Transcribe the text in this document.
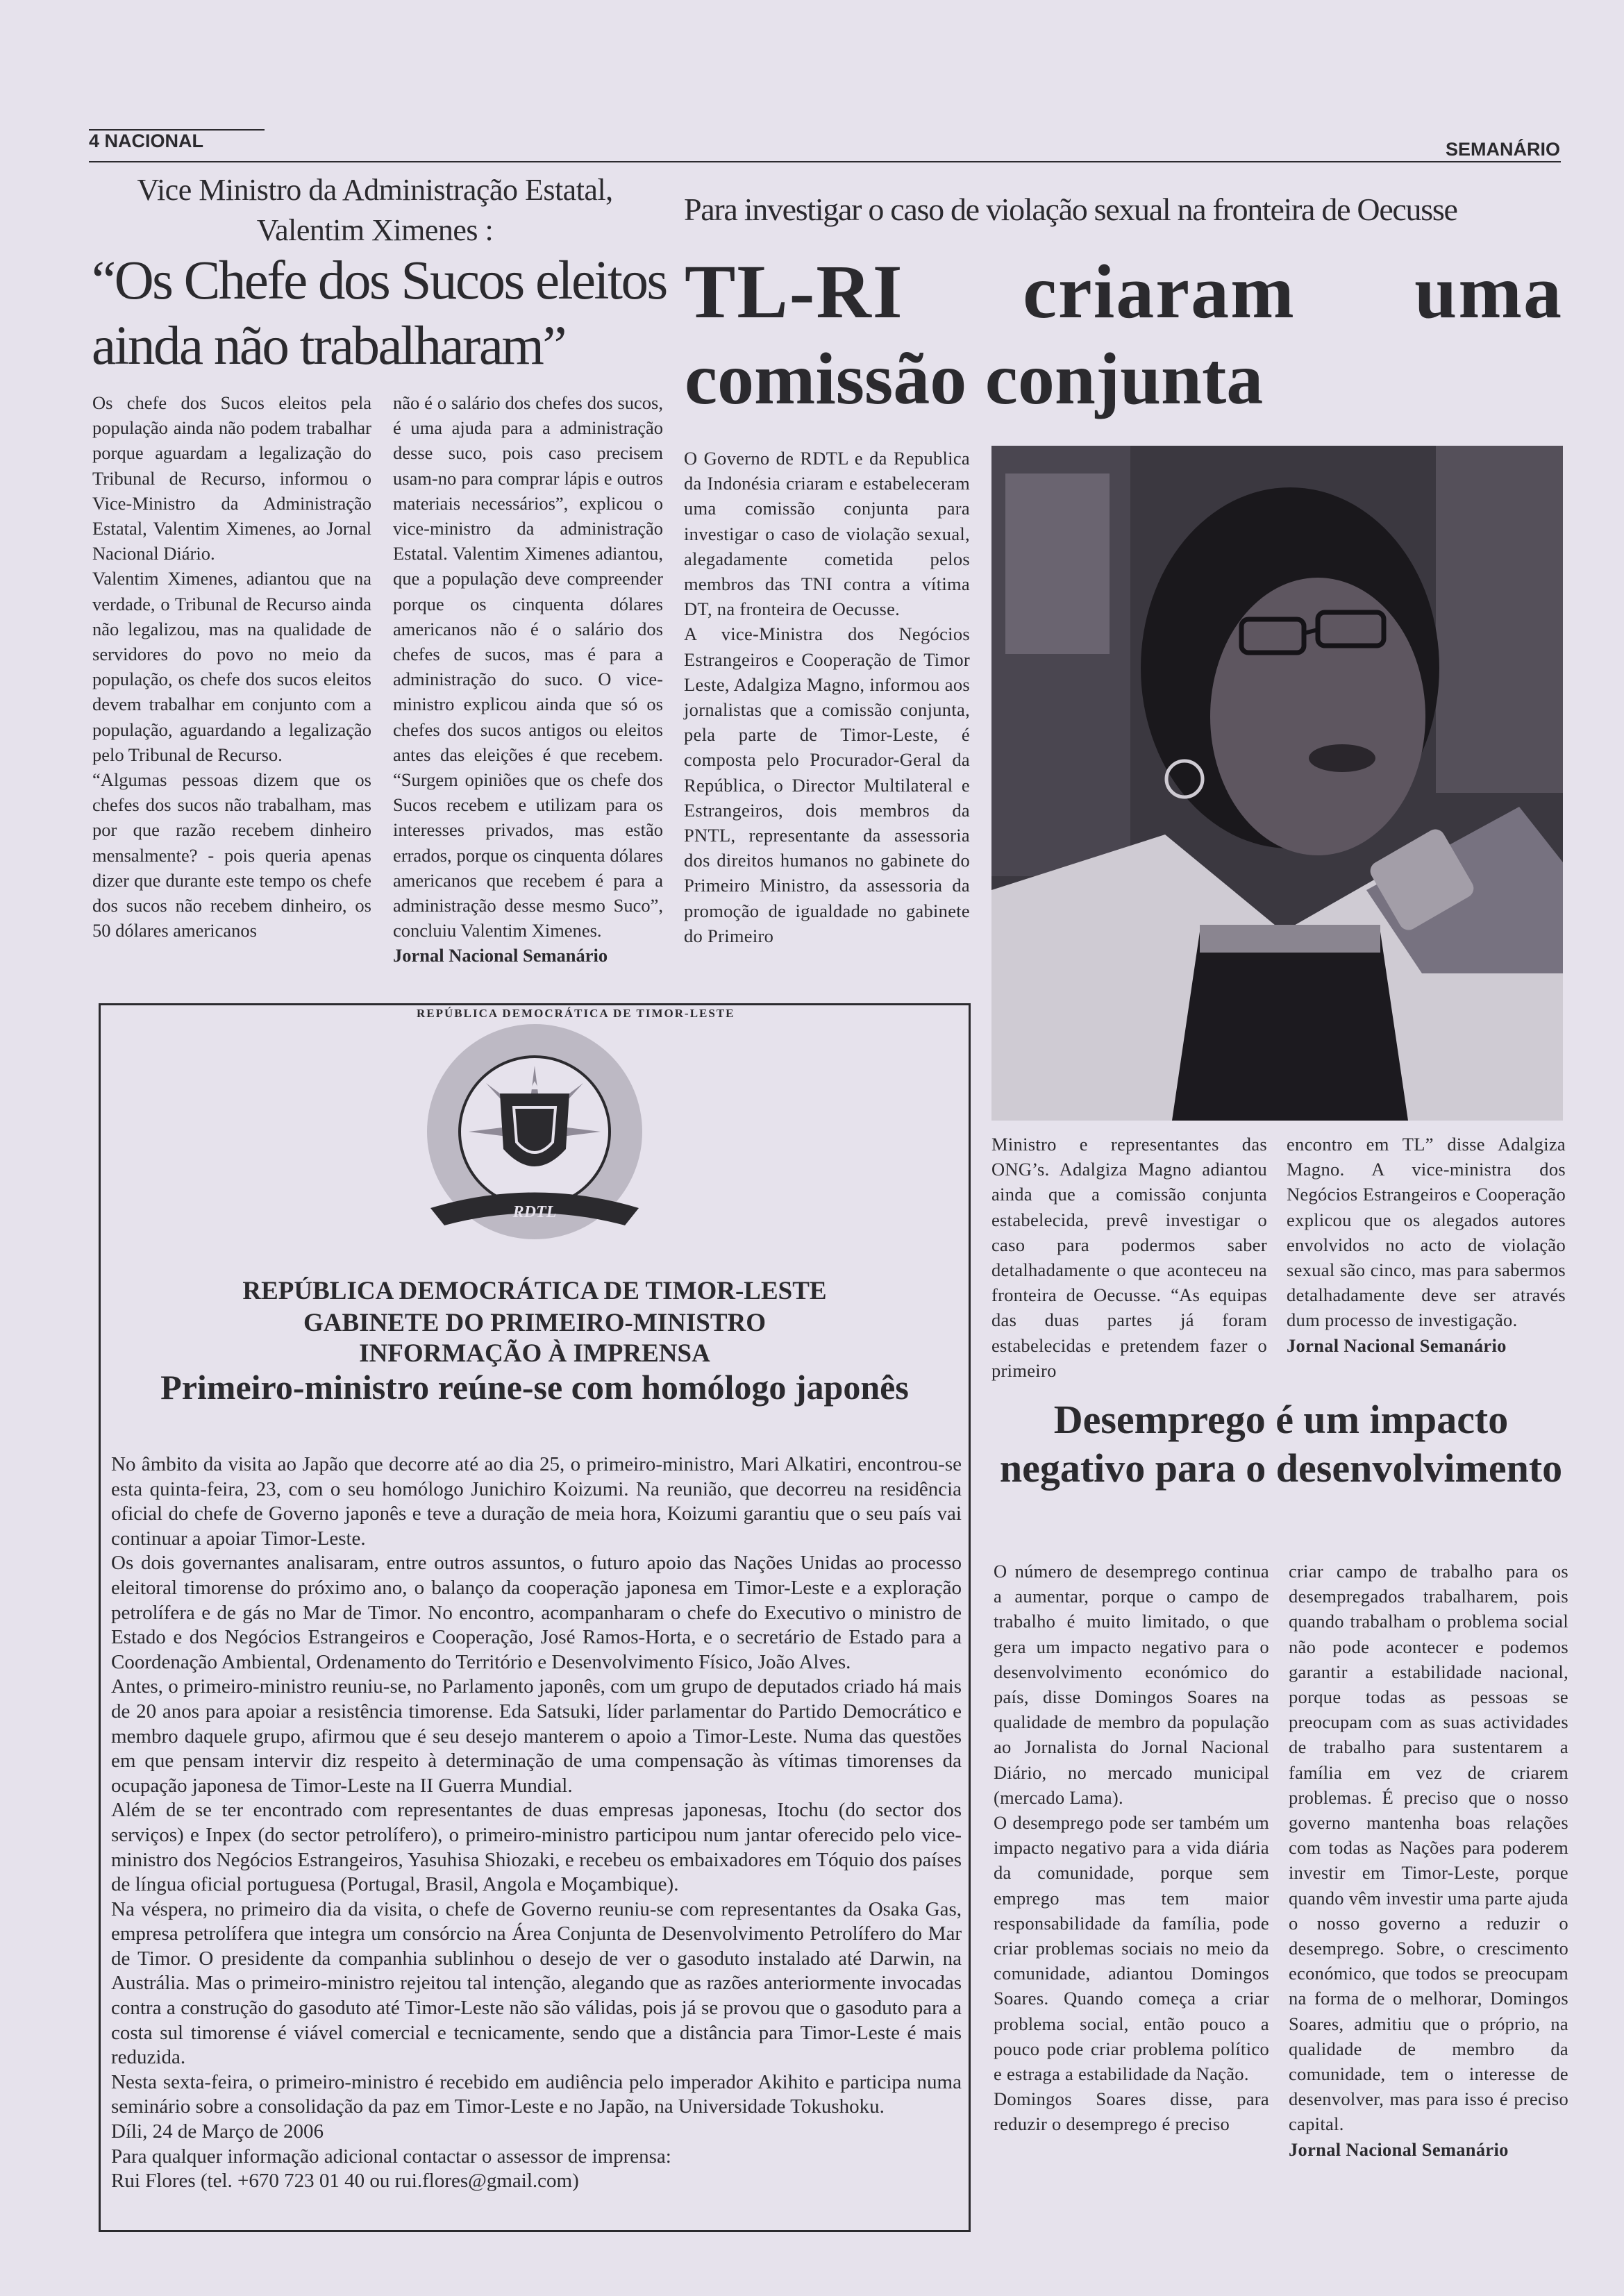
4 NACIONAL	SEMANÁRIO
Vice Ministro da Administração Estatal, Valentim Ximenes :
“Os Chefe dos Sucos eleitos ainda não trabalharam”

Os chefe dos Sucos eleitos pela população ainda não podem trabalhar porque aguardam a legalização do Tribunal de Recurso, informou o Vice-Ministro da Administração Estatal, Valentim Ximenes, ao Jornal Nacional Diário.

Valentim Ximenes, adiantou que na verdade, o Tribunal de Recurso ainda não legalizou, mas na qualidade de servidores do povo no meio da população, os chefe dos sucos eleitos devem trabalhar em conjunto com a população, aguardando a legalização pelo Tribunal de Recurso.

“Algumas pessoas dizem que os chefes dos sucos não trabalham, mas por que razão recebem dinheiro mensalmente? - pois queria apenas dizer que durante este tempo os chefe dos sucos não recebem dinheiro, os 50 dólares americanos

não é o salário dos chefes dos sucos, é uma ajuda para a administração desse suco, pois caso precisem usam-no para comprar lápis e outros materiais necessários”, explicou o vice-ministro da administração Estatal. Valentim Ximenes adiantou, que a população deve compreender porque os cinquenta dólares americanos não é o salário dos chefes de sucos, mas é para a administração do suco. O vice-ministro explicou ainda que só os chefes dos sucos antigos ou eleitos antes das eleições é que recebem. “Surgem opiniões que os chefe dos Sucos recebem e utilizam para os interesses privados, mas estão errados, porque os cinquenta dólares americanos que recebem é para a administração desse mesmo Suco”, concluiu Valentim Ximenes.

Jornal Nacional Semanário

Para investigar o caso de violação sexual na fronteira de Oecusse
TL-RI criaram uma
comissão conjunta

O Governo de RDTL e da Republica da Indonésia criaram e estabeleceram uma comissão conjunta para investigar o caso de violação sexual, alegadamente cometida pelos membros das TNI contra a vítima DT, na fronteira de Oecusse.

A vice-Ministra dos Negócios Estrangeiros e Cooperação de Timor Leste, Adalgiza Magno, informou aos jornalistas que a comissão conjunta, pela parte de Timor-Leste, é composta pelo Procurador-Geral da República, o Director Multilateral e Estrangeiros, dois membros da PNTL, representante da assessoria dos direitos humanos no gabinete do Primeiro Ministro, da assessoria da promoção de igualdade no gabinete do Primeiro

Ministro e representantes das ONG’s. Adalgiza Magno adiantou ainda que a comissão conjunta estabelecida, prevê investigar o caso para podermos saber detalhadamente o que aconteceu na fronteira de Oecusse. “As equipas das duas partes já foram estabelecidas e pretendem fazer o primeiro

encontro em TL” disse Adalgiza Magno. A vice-ministra dos Negócios Estrangeiros e Cooperação explicou que os alegados autores envolvidos no acto de violação sexual são cinco, mas para sabermos detalhadamente deve ser através dum processo de investigação.

Jornal Nacional Semanário

REPÚBLICA DEMOCRÁTICA DE TIMOR-LESTE
RDTL
REPÚBLICA DEMOCRÁTICA DE TIMOR-LESTE
GABINETE DO PRIMEIRO-MINISTRO
INFORMAÇÃO À IMPRENSA
Primeiro-ministro reúne-se com homólogo japonês

No âmbito da visita ao Japão que decorre até ao dia 25, o primeiro-ministro, Mari Alkatiri, encontrou-se esta quinta-feira, 23, com o seu homólogo Junichiro Koizumi. Na reunião, que decorreu na residência oficial do chefe de Governo japonês e teve a duração de meia hora, Koizumi garantiu que o seu país vai continuar a apoiar Timor-Leste.

Os dois governantes analisaram, entre outros assuntos, o futuro apoio das Nações Unidas ao processo eleitoral timorense do próximo ano, o balanço da cooperação japonesa em Timor-Leste e a exploração petrolífera e de gás no Mar de Timor. No encontro, acompanharam o chefe do Executivo o ministro de Estado e dos Negócios Estrangeiros e Cooperação, José Ramos-Horta, e o secretário de Estado para a Coordenação Ambiental, Ordenamento do Território e Desenvolvimento Físico, João Alves.

Antes, o primeiro-ministro reuniu-se, no Parlamento japonês, com um grupo de deputados criado há mais de 20 anos para apoiar a resistência timorense. Eda Satsuki, líder parlamentar do Partido Democrático e membro daquele grupo, afirmou que é seu desejo manterem o apoio a Timor-Leste. Numa das questões em que pensam intervir diz respeito à determinação de uma compensação às vítimas timorenses da ocupação japonesa de Timor-Leste na II Guerra Mundial.

Além de se ter encontrado com representantes de duas empresas japonesas, Itochu (do sector dos serviços) e Inpex (do sector petrolífero), o primeiro-ministro participou num jantar oferecido pelo vice-ministro dos Negócios Estrangeiros, Yasuhisa Shiozaki, e recebeu os embaixadores em Tóquio dos países de língua oficial portuguesa (Portugal, Brasil, Angola e Moçambique).

Na véspera, no primeiro dia da visita, o chefe de Governo reuniu-se com representantes da Osaka Gas, empresa petrolífera que integra um consórcio na Área Conjunta de Desenvolvimento Petrolífero do Mar de Timor. O presidente da companhia sublinhou o desejo de ver o gasoduto instalado até Darwin, na Austrália. Mas o primeiro-ministro rejeitou tal intenção, alegando que as razões anteriormente invocadas contra a construção do gasoduto até Timor-Leste não são válidas, pois já se provou que o gasoduto para a costa sul timorense é viável comercial e tecnicamente, sendo que a distância para Timor-Leste é mais reduzida.

Nesta sexta-feira, o primeiro-ministro é recebido em audiência pelo imperador Akihito e participa numa seminário sobre a consolidação da paz em Timor-Leste e no Japão, na Universidade Tokushoku.

Díli, 24 de Março de 2006

Para qualquer informação adicional contactar o assessor de imprensa:

Rui Flores (tel. +670 723 01 40 ou rui.flores@gmail.com)

Desemprego é um impacto negativo para o desenvolvimento

O número de desemprego continua a aumentar, porque o campo de trabalho é muito limitado, o que gera um impacto negativo para o desenvolvimento económico do país, disse Domingos Soares na qualidade de membro da população ao Jornalista do Jornal Nacional Diário, no mercado municipal (mercado Lama).

O desemprego pode ser também um impacto negativo para a vida diária da comunidade, porque sem emprego mas tem maior responsabilidade da família, pode criar problemas sociais no meio da comunidade, adiantou Domingos Soares. Quando começa a criar problema social, então pouco a pouco pode criar problema político e estraga a estabilidade da Nação.

Domingos Soares disse, para reduzir o desemprego é preciso

criar campo de trabalho para os desempregados trabalharem, pois quando trabalham o problema social não pode acontecer e podemos garantir a estabilidade nacional, porque todas as pessoas se preocupam com as suas actividades de trabalho para sustentarem a família em vez de criarem problemas. É preciso que o nosso governo mantenha boas relações com todas as Nações para poderem investir em Timor-Leste, porque quando vêm investir uma parte ajuda o nosso governo a reduzir o desemprego. Sobre, o crescimento económico, que todos se preocupam na forma de o melhorar, Domingos Soares, admitiu que o próprio, na qualidade de membro da comunidade, tem o interesse de desenvolver, mas para isso é preciso capital.

Jornal Nacional Semanário
